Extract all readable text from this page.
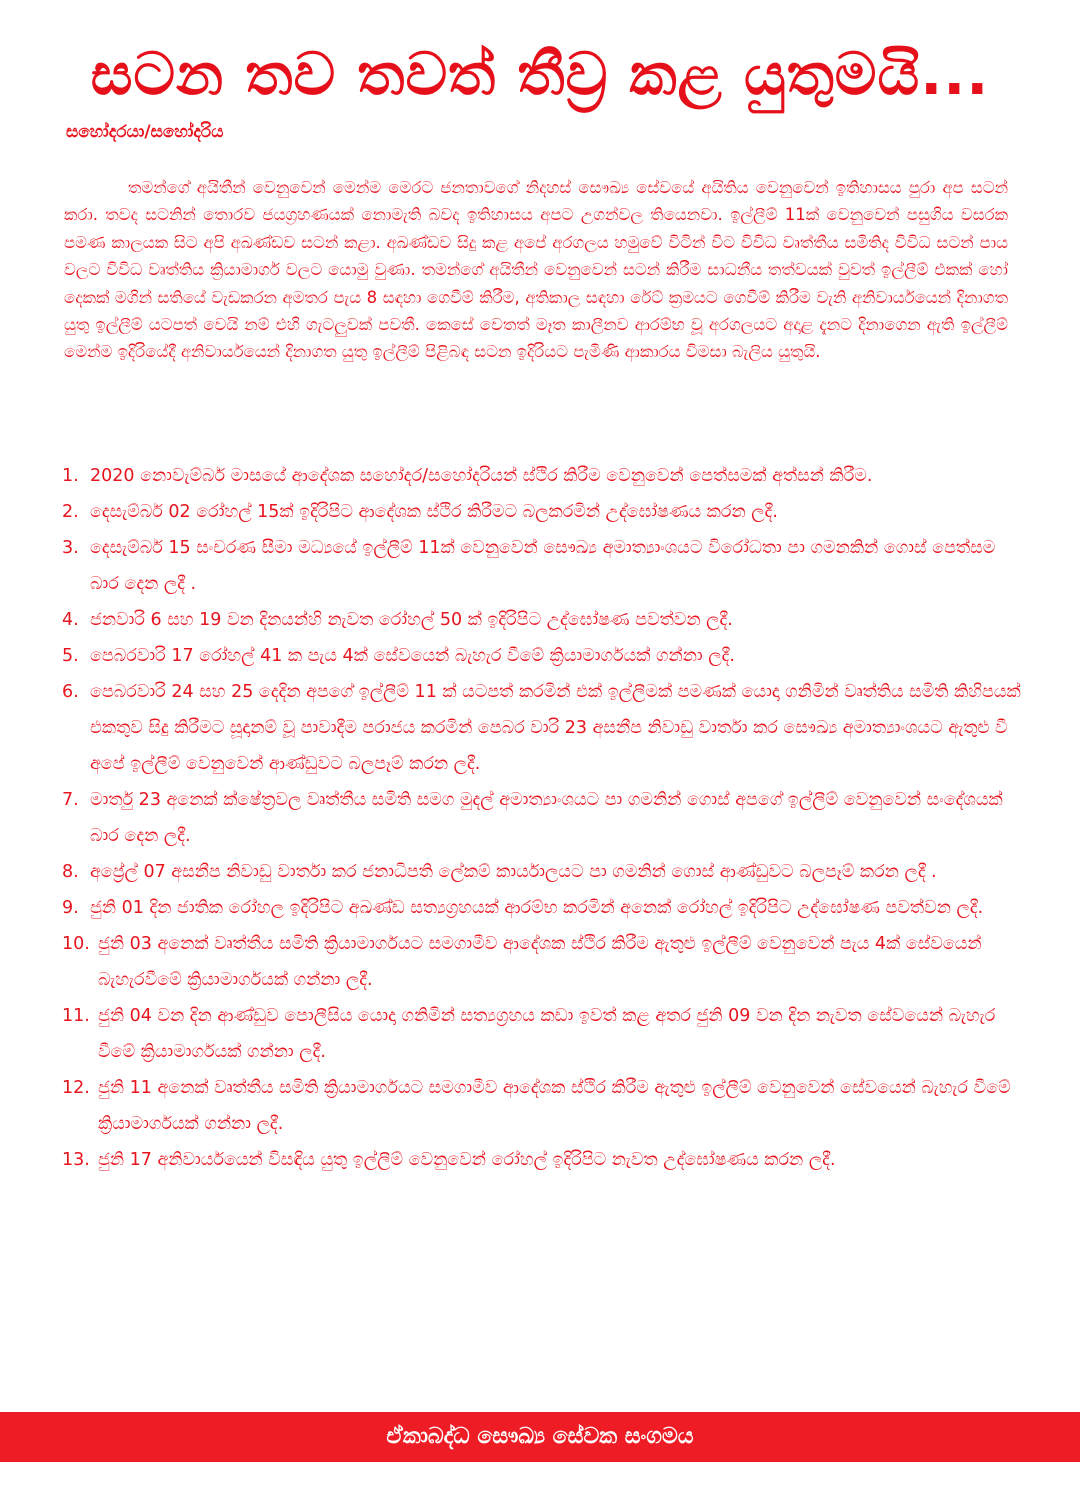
සටන තව තවත් තීව්‍ර කළ යුතුමයි...
සහෝදරයා/සහෝදරිය

තමන්ගේ අයිතීන් වෙනුවෙන් මෙන්ම මෙරට ජනතාවගේ නිදහස් සෞඛ්‍ය සේවයේ අයිතිය වෙනුවෙන් ඉතිහාසය පුරා අප සටන් කරා. තවද සටනින් තොරව ජයග්‍රහණයක් නොමැති බවද ඉතිහාසය අපට උගන්වල තියෙනවා. ඉල්ලීම් 11ක් වෙනුවෙන් පසුගිය වසරක පමණ කාලයක සිට අපි අඛණ්ඩව සටන් කළා. අඛණ්ඩව සිදු කළ අපේ අරගලය හමුවේ විටින් විට විවිධ වෘත්තීය සමිතිද විවිධ සටන් පාය වලට විවිධ වෘත්තිය ක්‍රියාමාර්ග වලට යොමු වුණා. තමන්ගේ අයිතීන් වෙනුවෙන් සටන් කිරීම සාධනීය තත්වයක් වුවත් ඉල්ලීම් එකක් හෝ දෙකක් මගින් සතියේ වැඩකරන අමතර පැය 8 සඳහා ගෙවීම් කිරීම, අතිකාල සඳහා රේට් ක්‍රමයට ගෙවීම් කිරීම වැනි අනිවාර්යයෙන් දිනාගත යුතු ඉල්ලීම් යටපත් වෙයි නම් එහි ගැටලුවක් පවතී. කෙසේ වෙතත් මෑත කාලීනව ආරම්භ වූ අරගලයට අදාළ දැනට දිනාගෙන ඇති ඉල්ලීම් මෙන්ම ඉදිරියේදී අනිවාර්යයෙන් දිනාගත යුතු ඉල්ලීම් පිළිබඳ සටන ඉදිරියට පැමිණි ආකාරය විමසා බැලිය යුතුයි.

1. 2020 නොවැම්බර් මාසයේ ආදේශක සහෝදර/සහෝදරියන් ස්ථිර කිරීම වෙනුවෙන් පෙත්සමක් අත්සන් කිරීම.
2. දෙසැම්බර් 02 රෝහල් 15ක් ඉදිරිපිට ආදේශක ස්ථිර කිරීමට බලකරමින් උද්ඝෝෂණය කරන ලදී.
3. දෙසැම්බර් 15 සංචරණ සීමා මධ්‍යයේ ඉල්ලීම් 11ක් වෙනුවෙන් සෞඛ්‍ය අමාත්‍යාංශයට විරෝධතා පා ගමනකින් ගොස් පෙත්සම බාර දෙන ලදී .
4. ජනවාරි 6 සහ 19 වන දිනයන්හි නැවත රෝහල් 50 ක් ඉදිරිපිට උද්ඝෝෂණ පවත්වන ලදී.
5. පෙබරවාරි 17 රෝහල් 41 ක පැය 4ක් සේවයෙන් බැහැර වීමේ ක්‍රියාමාර්ගයක් ගන්නා ලදී.
6. පෙබරවාරි 24 සහ 25 දෙදින අපගේ ඉල්ලීම් 11 ක් යටපත් කරමින් එක් ඉල්ලීමක් පමණක් යොදා ගනිමින් වෘත්තිය සමිති කිහිපයක් එකතුව සිදු කිරීමට සූදානම් වූ පාවාදීම පරාජය කරමින් පෙබර වාරි 23 අසනීප නිවාඩු වාර්තා කර සෞඛ්‍ය අමාත්‍යාංශයට ඇතුළු වී අපේ ඉල්ලීම් වෙනුවෙන් ආණ්ඩුවට බලපෑම් කරන ලදී.
7. මාර්තු 23 අනෙක් ක්ෂේත්‍රවල වෘත්තීය සමිති සමග මුදල් අමාත්‍යාංශයට පා ගමනින් ගොස් අපගේ ඉල්ලීම් වෙනුවෙන් සංදේශයක් බාර දෙන ලදී.
8. අප්‍රේල් 07 අසනීප නිවාඩු වාර්තා කර ජනාධිපති ලේකම් කාර්යාලයට පා ගමනින් ගොස් ආණ්ඩුවට බලපෑම් කරන ලදී .
9. ජුනි 01 දින ජාතික රෝහල ඉදිරිපිට අඛණ්ඩ සත්‍යග්‍රහයක් ආරම්භ කරමින් අනෙක් රෝහල් ඉදිරිපිට උද්ඝෝෂණ පවත්වන ලදී.
10. ජුනි 03 අනෙක් වෘත්තීය සමිති ක්‍රියාමාර්ගයට සමගාමීව ආදේශක ස්ථිර කිරීම ඇතුළු ඉල්ලීම් වෙනුවෙන් පැය 4ක් සේවයෙන් බැහැරවීමේ ක්‍රියාමාර්ගයක් ගන්නා ලදී.
11. ජුනි 04 වන දින ආණ්ඩුව පොලීසිය යොදා ගනිමින් සත්‍යග්‍රහය කඩා ඉවත් කළ අතර ජුනි 09 වන දින නැවත සේවයෙන් බැහැර වීමේ ක්‍රියාමාර්ගයක් ගන්නා ලදී.
12. ජුනි 11 අනෙක් වෘත්තීය සමිති ක්‍රියාමාර්ගයට සමගාමීව ආදේශක ස්ථිර කිරීම ඇතුළු ඉල්ලීම් වෙනුවෙන් සේවයෙන් බැහැර වීමේ ක්‍රියාමාර්ගයක් ගන්නා ලදී.
13. ජුනි 17 අනිවාර්යයෙන් විසඳිය යුතු ඉල්ලීම් වෙනුවෙන් රෝහල් ඉදිරිපිට නැවත උද්ඝෝෂණය කරන ලදී.
ඒකාබද්ධ සෞඛ්‍ය සේවක සංගමය
